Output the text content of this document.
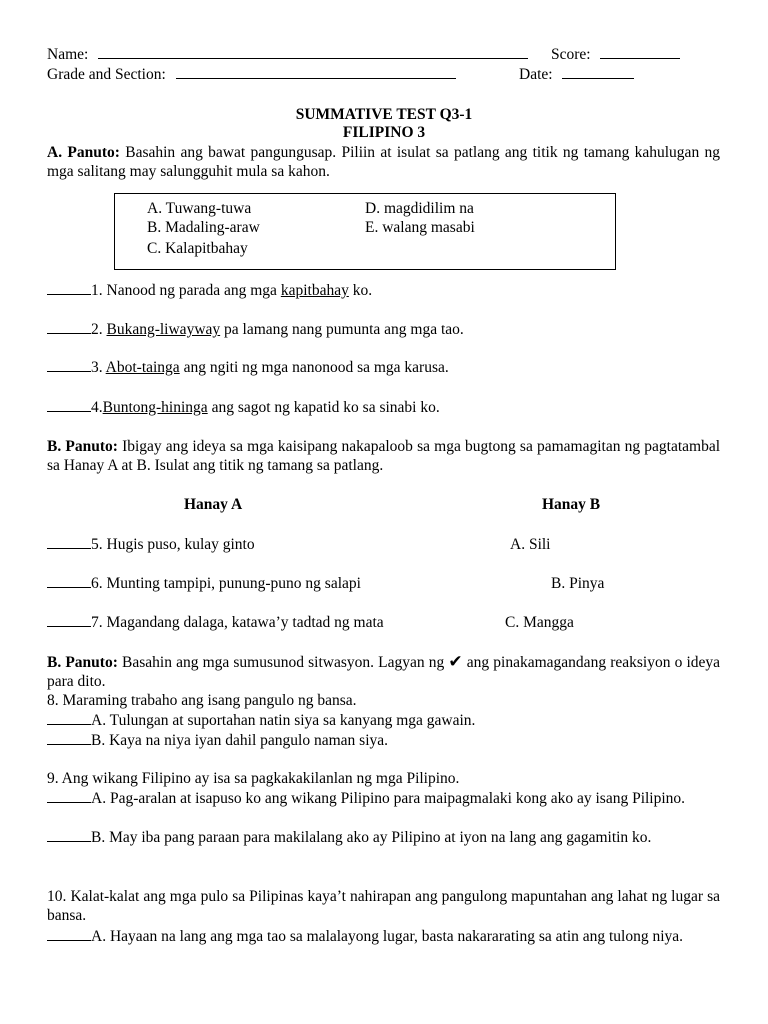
Name:	Score:
Grade and Section:	Date:
SUMMATIVE TEST Q3-1
FILIPINO 3
A. Panuto: Basahin ang bawat pangungusap. Piliin at isulat sa patlang ang titik ng tamang kahulugan ng mga salitang may salungguhit mula sa kahon.
A. Tuwang-tuwa
B. Madaling-araw
C. Kalapitbahay
D. magdidilim na
E. walang masabi
1. Nanood ng parada ang mga kapitbahay ko.
2. Bukang-liwayway pa lamang nang pumunta ang mga tao.
3. Abot-tainga ang ngiti ng mga nanonood sa mga karusa.
4.Buntong-hininga ang sagot ng kapatid ko sa sinabi ko.
B. Panuto: Ibigay ang ideya sa mga kaisipang nakapaloob sa mga bugtong sa pamamagitan ng pagtatambal sa Hanay A at B. Isulat ang titik ng tamang sa patlang.
Hanay A	Hanay B
5. Hugis puso, kulay ginto	A. Sili
6. Munting tampipi, punung-puno ng salapi	B. Pinya
7. Magandang dalaga, katawa’y tadtad ng mata	C. Mangga
B. Panuto: Basahin ang mga sumusunod sitwasyon. Lagyan ng ✔ ang pinakamagandang reaksiyon o ideya para dito.
8. Maraming trabaho ang isang pangulo ng bansa.
A. Tulungan at suportahan natin siya sa kanyang mga gawain.
B. Kaya na niya iyan dahil pangulo naman siya.
9. Ang wikang Filipino ay isa sa pagkakakilanlan ng mga Pilipino.
A. Pag-aralan at isapuso ko ang wikang Pilipino para maipagmalaki kong ako ay isang Pilipino.
B. May iba pang paraan para makilalang ako ay Pilipino at iyon na lang ang gagamitin ko.
10. Kalat-kalat ang mga pulo sa Pilipinas kaya’t nahirapan ang pangulong mapuntahan ang lahat ng lugar sa bansa.
A. Hayaan na lang ang mga tao sa malalayong lugar, basta nakararating sa atin ang tulong niya.
